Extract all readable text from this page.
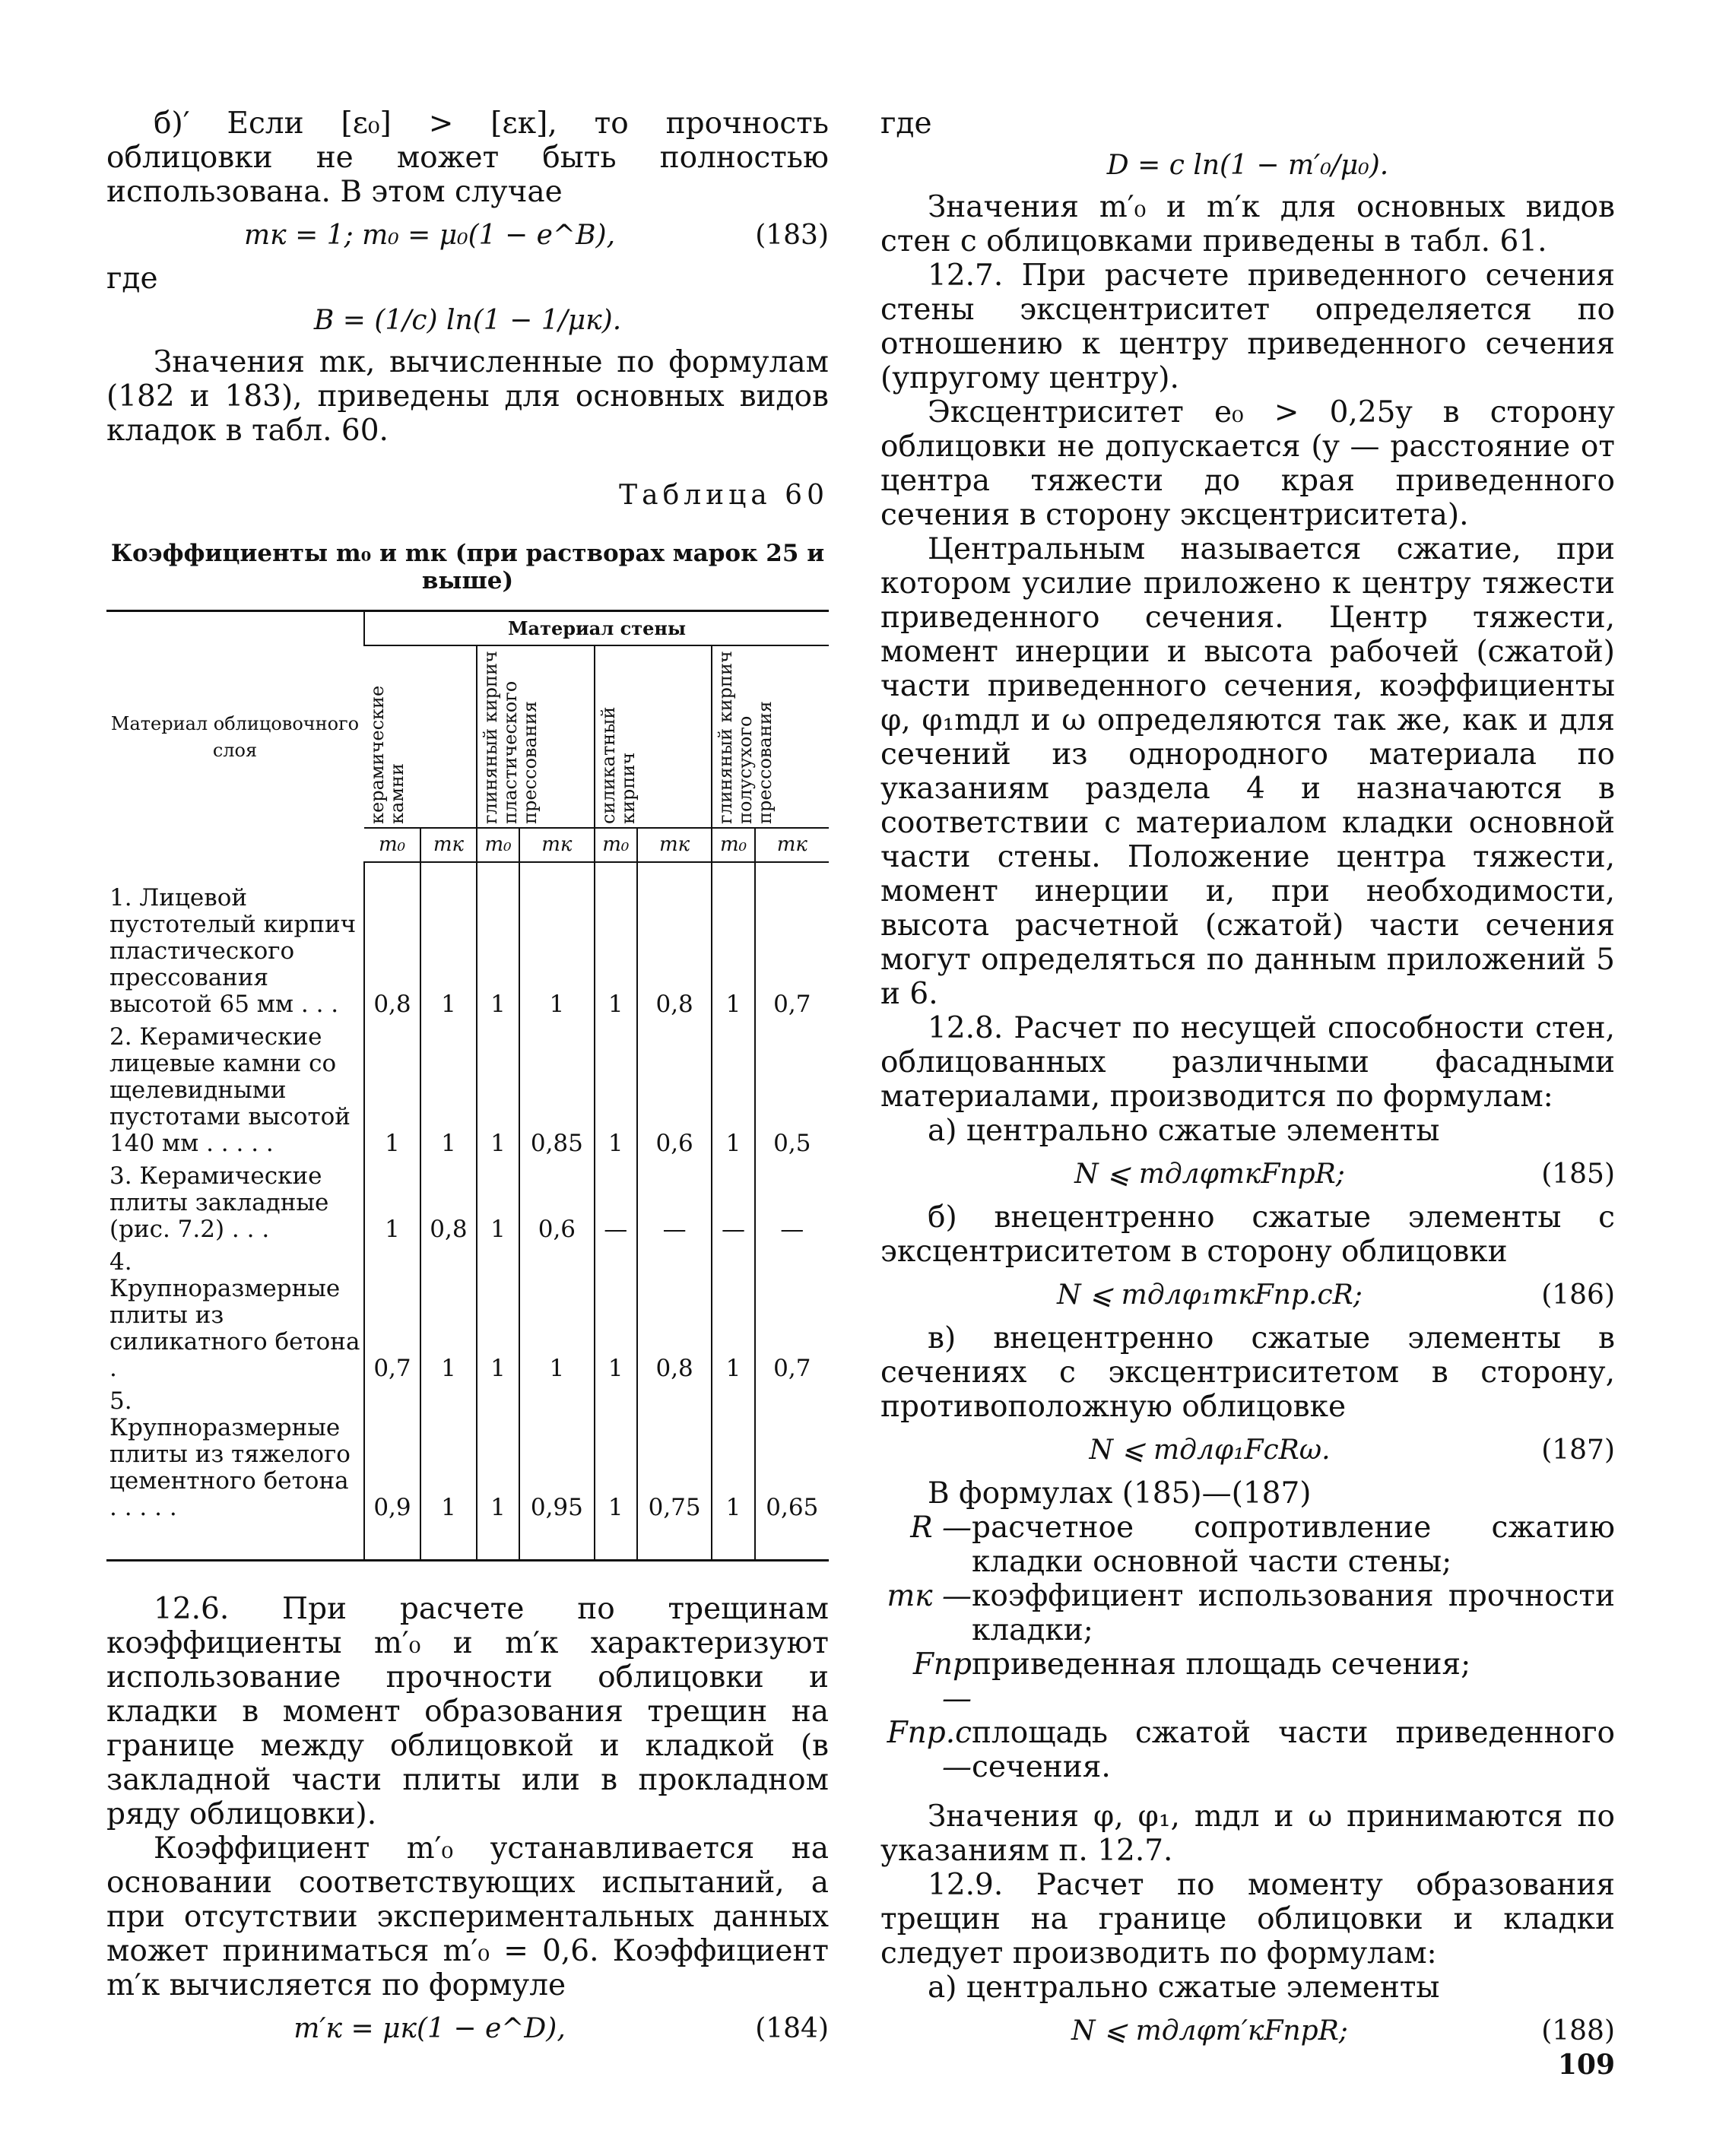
б)′ Если [ε₀] > [εк], то прочность облицовки не может быть полностью использована. В этом случае

mк = 1; m₀ = μ₀(1 − e^B),	(183)

где

B = (1/c) ln(1 − 1/μк).

Значения mк, вычисленные по формулам (182 и 183), приведены для основных видов кладок в табл. 60.

Таблица 60
Коэффициенты m₀ и mк (при растворах марок 25 и выше)
Материал облицовочного слоя	Материал стены							

	керамические камни		глиняный кирпич пластического прессования		силикатный кирпич		глиняный кирпич полусухого прессования	

	m₀	mк	m₀	mк	m₀	mк	m₀	mк
1. Лицевой пустотелый кирпич пластического прессования высотой 65 мм . . .	0,8	1	1	1	1	0,8	1	0,7
2. Керамические лицевые камни со щелевидными пустотами высотой 140 мм . . . . .	1	1	1	0,85	1	0,6	1	0,5
3. Керамические плиты закладные (рис. 7.2) . . .	1	0,8	1	0,6	—	—	—	—
4. Крупноразмерные плиты из силикатного бетона .	0,7	1	1	1	1	0,8	1	0,7
5. Крупноразмерные плиты из тяжелого цементного бетона . . . . .	0,9	1	1	0,95	1	0,75	1	0,65

12.6. При расчете по трещинам коэффициенты m′₀ и m′к характеризуют использование прочности облицовки и кладки в момент образования трещин на границе между облицовкой и кладкой (в закладной части плиты или в прокладном ряду облицовки).

Коэффициент m′₀ устанавливается на основании соответствующих испытаний, а при отсутствии экспериментальных данных может приниматься m′₀ = 0,6. Коэффициент m′к вычисляется по формуле

m′к = μк(1 − e^D),	(184)

где

D = c ln(1 − m′₀/μ₀).

Значения m′₀ и m′к для основных видов стен с облицовками приведены в табл. 61.

12.7. При расчете приведенного сечения стены эксцентриситет определяется по отношению к центру приведенного сечения (упругому центру).

Эксцентриситет e₀ > 0,25y в сторону облицовки не допускается (y — расстояние от центра тяжести до края приведенного сечения в сторону эксцентриситета).

Центральным называется сжатие, при котором усилие приложено к центру тяжести приведенного сечения. Центр тяжести, момент инерции и высота рабочей (сжатой) части приведенного сечения, коэффициенты φ, φ₁mдл и ω определяются так же, как и для сечений из однородного материала по указаниям раздела 4 и назначаются в соответствии с материалом кладки основной части стены. Положение центра тяжести, момент инерции и, при необходимости, высота расчетной (сжатой) части сечения могут определяться по данным приложений 5 и 6.

12.8. Расчет по несущей способности стен, облицованных различными фасадными материалами, производится по формулам:

а) центрально сжатые элементы

N ⩽ mдлφmкFпрR;	(185)

б) внецентренно сжатые элементы с эксцентриситетом в сторону облицовки

N ⩽ mдлφ₁mкFпр.cR;	(186)

в) внецентренно сжатые элементы в сечениях с эксцентриситетом в сторону, противоположную облицовке

N ⩽ mдлφ₁FcRω.	(187)

В формулах (185)—(187)

R — расчетное сопротивление сжатию кладки основной части стены;
mк — коэффициент использования прочности кладки;
Fпр —
приведенная площадь сечения;
Fпр.c —
площадь сжатой части приведенного сечения.

Значения φ, φ₁, mдл и ω принимаются по указаниям п. 12.7.

12.9. Расчет по моменту образования трещин на границе облицовки и кладки следует производить по формулам:

а) центрально сжатые элементы

N ⩽ mдлφm′кFпрR;	(188)
109
